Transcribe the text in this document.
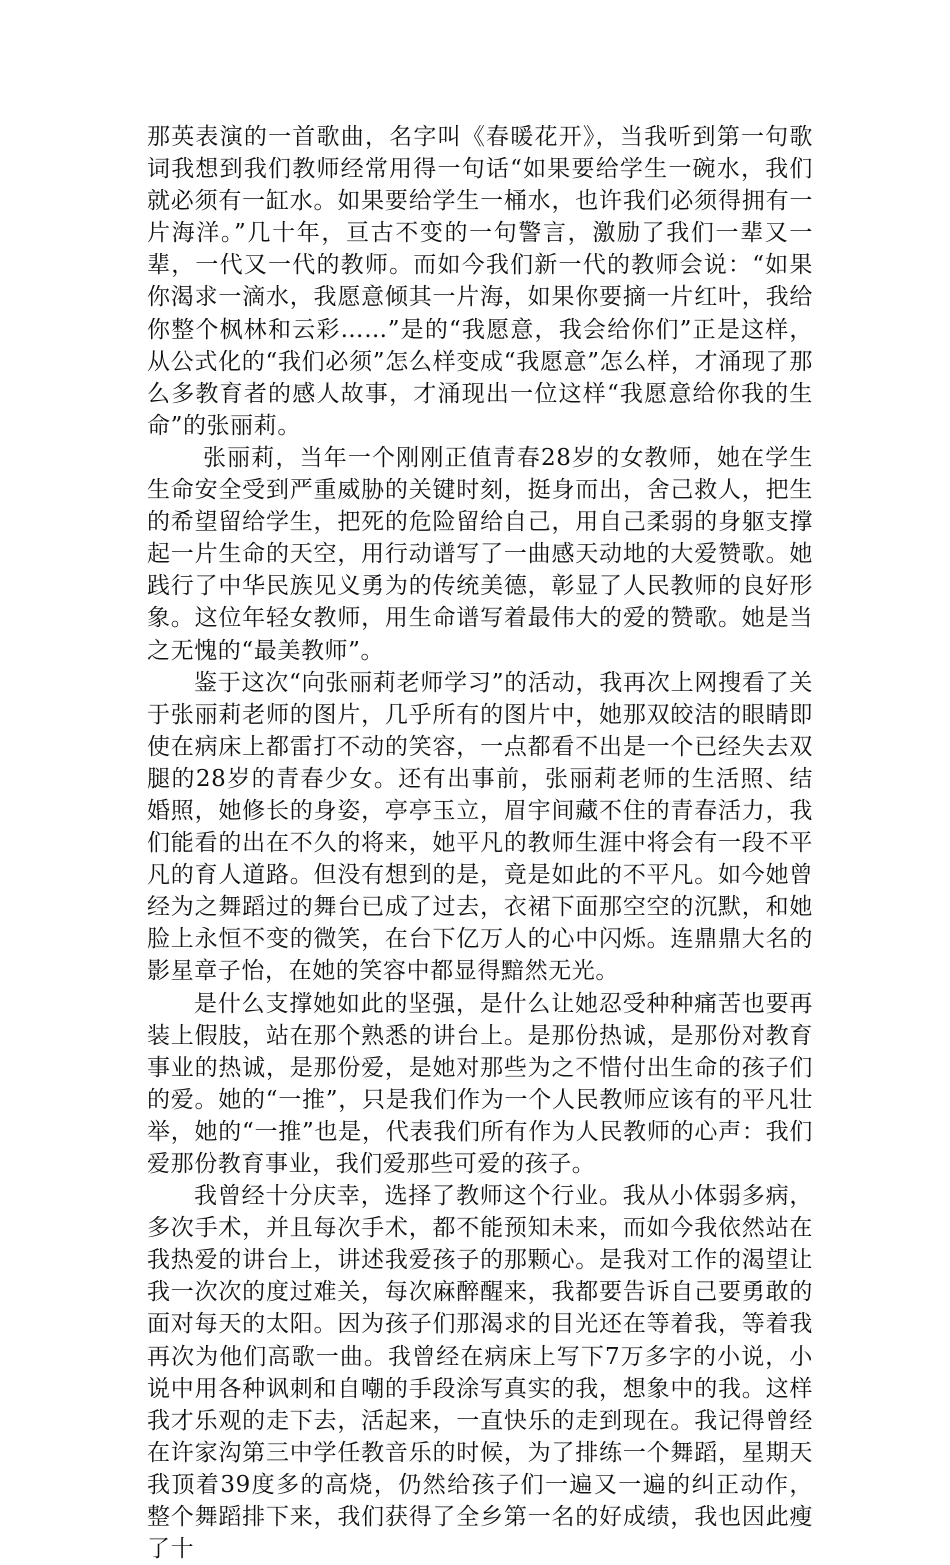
那英表演的一首歌曲，名字叫《春暖花开》，当我听到第一句歌词我想到我们教师经常用得一句话“如果要给学生一碗水，我们就必须有一缸水。如果要给学生一桶水，也许我们必须得拥有一片海洋。”几十年，亘古不变的一句警言，激励了我们一辈又一辈，一代又一代的教师。而如今我们新一代的教师会说：“如果你渴求一滴水，我愿意倾其一片海，如果你要摘一片红叶，我给你整个枫林和云彩……”是的“我愿意，我会给你们”正是这样，从公式化的“我们必须”怎么样变成“我愿意”怎么样，才涌现了那么多教育者的感人故事，才涌现出一位这样“我愿意给你我的生命”的张丽莉。

张丽莉，当年一个刚刚正值青春28岁的女教师，她在学生生命安全受到严重威胁的关键时刻，挺身而出，舍己救人，把生的希望留给学生，把死的危险留给自己，用自己柔弱的身躯支撑起一片生命的天空，用行动谱写了一曲感天动地的大爱赞歌。她践行了中华民族见义勇为的传统美德，彰显了人民教师的良好形象。这位年轻女教师，用生命谱写着最伟大的爱的赞歌。她是当之无愧的“最美教师”。

鉴于这次“向张丽莉老师学习”的活动，我再次上网搜看了关于张丽莉老师的图片，几乎所有的图片中，她那双皎洁的眼睛即使在病床上都雷打不动的笑容，一点都看不出是一个已经失去双腿的28岁的青春少女。还有出事前，张丽莉老师的生活照、结婚照，她修长的身姿，亭亭玉立，眉宇间藏不住的青春活力，我们能看的出在不久的将来，她平凡的教师生涯中将会有一段不平凡的育人道路。但没有想到的是，竟是如此的不平凡。如今她曾经为之舞蹈过的舞台已成了过去，衣裙下面那空空的沉默，和她脸上永恒不变的微笑，在台下亿万人的心中闪烁。连鼎鼎大名的影星章子怡，在她的笑容中都显得黯然无光。

是什么支撑她如此的坚强，是什么让她忍受种种痛苦也要再装上假肢，站在那个熟悉的讲台上。是那份热诚，是那份对教育事业的热诚，是那份爱，是她对那些为之不惜付出生命的孩子们的爱。她的“一推”，只是我们作为一个人民教师应该有的平凡壮举，她的“一推”也是，代表我们所有作为人民教师的心声：我们爱那份教育事业，我们爱那些可爱的孩子。

我曾经十分庆幸，选择了教师这个行业。我从小体弱多病，多次手术，并且每次手术，都不能预知未来，而如今我依然站在我热爱的讲台上，讲述我爱孩子的那颗心。是我对工作的渴望让我一次次的度过难关，每次麻醉醒来，我都要告诉自己要勇敢的面对每天的太阳。因为孩子们那渴求的目光还在等着我，等着我再次为他们高歌一曲。我曾经在病床上写下7万多字的小说，小说中用各种讽刺和自嘲的手段涂写真实的我，想象中的我。这样我才乐观的走下去，活起来，一直快乐的走到现在。我记得曾经在许家沟第三中学任教音乐的时候，为了排练一个舞蹈，星期天我顶着39度多的高烧，仍然给孩子们一遍又一遍的纠正动作，整个舞蹈排下来，我们获得了全乡第一名的好成绩，我也因此瘦了十
